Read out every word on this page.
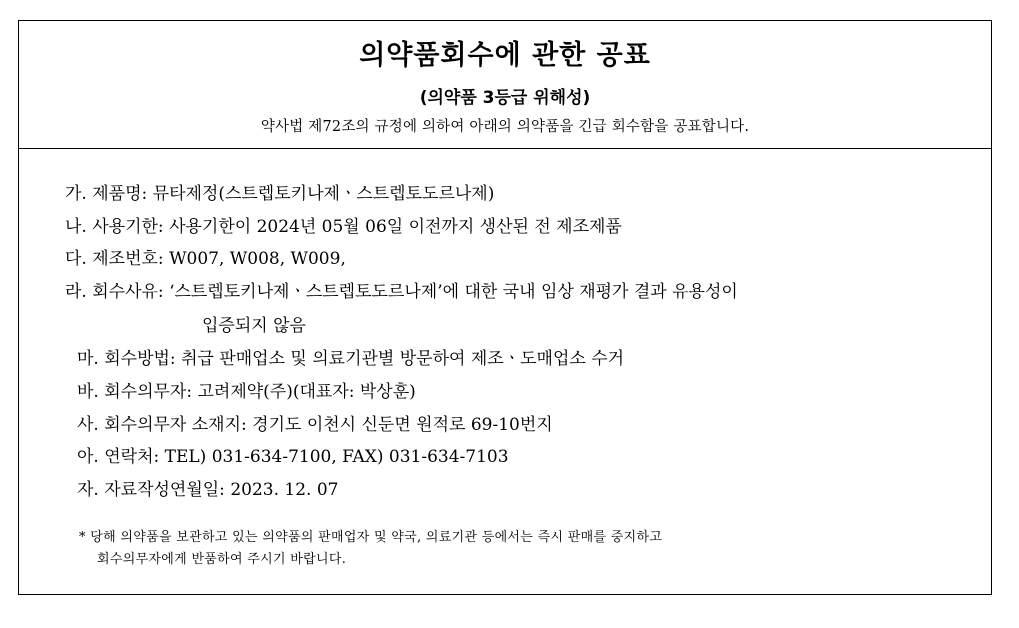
의약품회수에 관한 공표
(의약품 3등급 위해성)
약사법 제72조의 규정에 의하여 아래의 의약품을 긴급 회수함을 공표합니다.
가. 제품명: 뮤타제정(스트렙토키나제ㆍ스트렙토도르나제)
나. 사용기한: 사용기한이 2024년 05월 06일 이전까지 생산된 전 제조제품
다. 제조번호: W007, W008, W009,
라. 회수사유: ‘스트렙토키나제ㆍ스트렙토도르나제’에 대한 국내 임상 재평가 결과 유용성이
입증되지 않음
마. 회수방법: 취급 판매업소 및 의료기관별 방문하여 제조ㆍ도매업소 수거
바. 회수의무자: 고려제약(주)(대표자: 박상훈)
사. 회수의무자 소재지: 경기도 이천시 신둔면 원적로 69-10번지
아. 연락처: TEL) 031-634-7100, FAX) 031-634-7103
자. 자료작성연월일: 2023. 12. 07
* 당해 의약품을 보관하고 있는 의약품의 판매업자 및 약국, 의료기관 등에서는 즉시 판매를 중지하고
회수의무자에게 반품하여 주시기 바랍니다.
